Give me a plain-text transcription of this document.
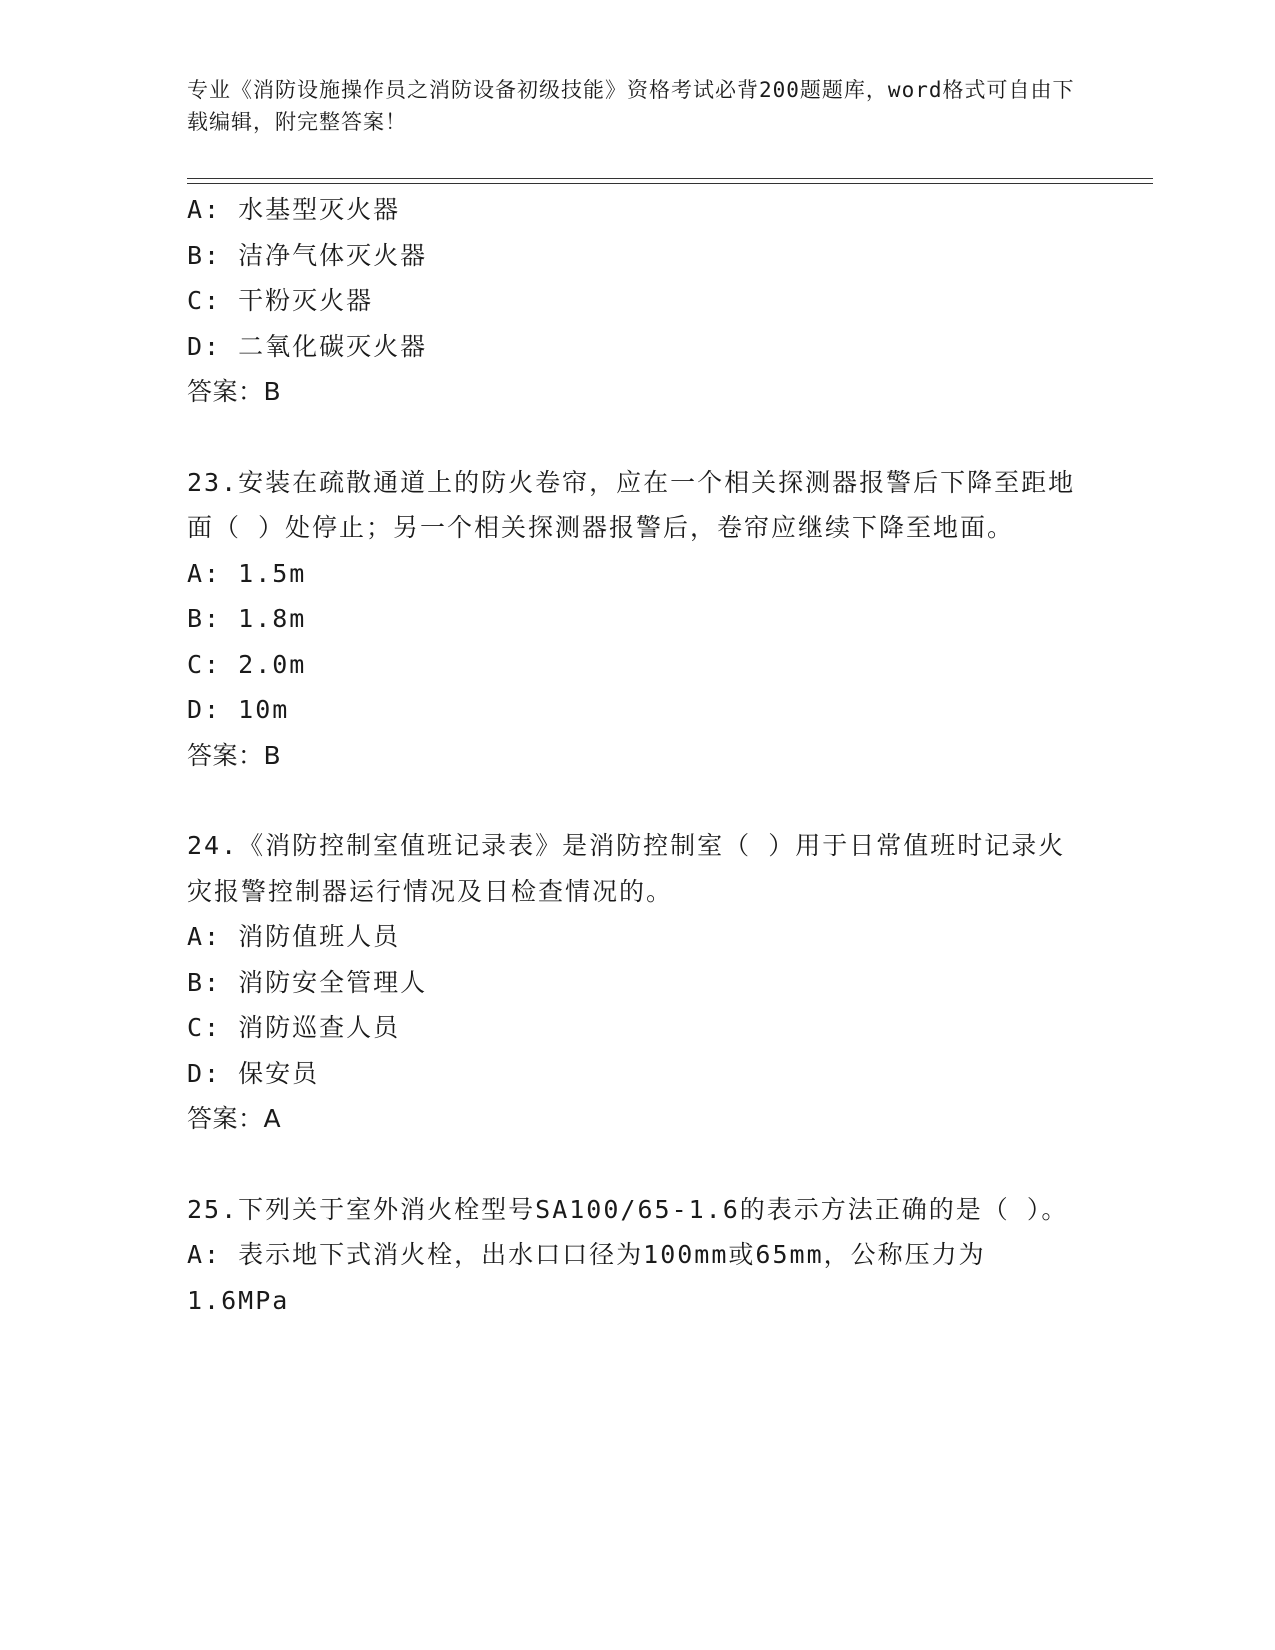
专业《消防设施操作员之消防设备初级技能》资格考试必背200题题库，word格式可自由下载编辑，附完整答案！
A: 水基型灭火器
B: 洁净气体灭火器
C: 干粉灭火器
D: 二氧化碳灭火器
答案：B
23.安装在疏散通道上的防火卷帘，应在一个相关探测器报警后下降至距地面（ ）处停止；另一个相关探测器报警后，卷帘应继续下降至地面。
A: 1.5m
B: 1.8m
C: 2.0m
D: 10m
答案：B
24.《消防控制室值班记录表》是消防控制室（ ）用于日常值班时记录火灾报警控制器运行情况及日检查情况的。
A: 消防值班人员
B: 消防安全管理人
C: 消防巡查人员
D: 保安员
答案：A
25.下列关于室外消火栓型号SA100/65-1.6的表示方法正确的是（ ）。
A: 表示地下式消火栓，出水口口径为100mm或65mm，公称压力为1.6MPa
